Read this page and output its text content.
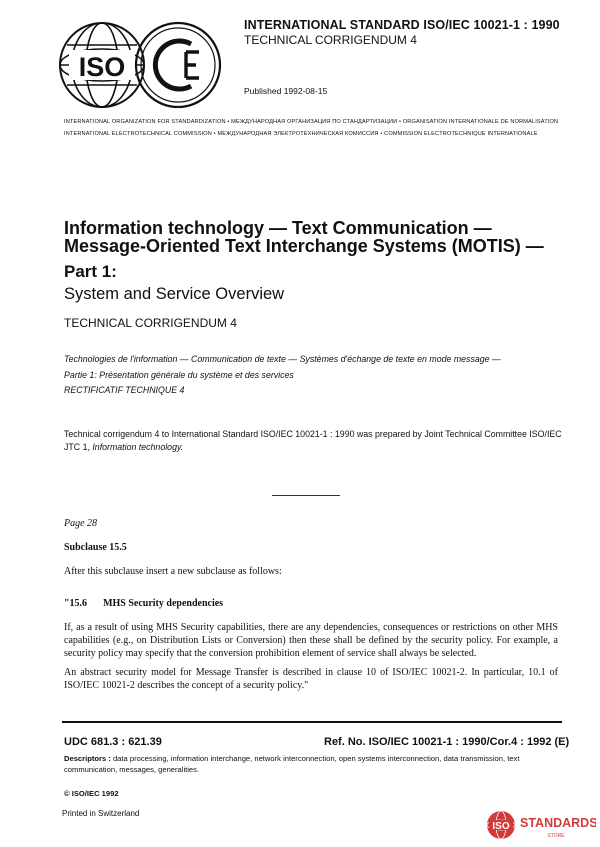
ISO
IEC
INTERNATIONAL STANDARD ISO/IEC 10021-1 : 1990
TECHNICAL CORRIGENDUM 4
Published 1992-08-15
INTERNATIONAL ORGANIZATION FOR STANDARDIZATION • МЕЖДУНАРОДНАЯ ОРГАНИЗАЦИЯ ПО СТАНДАРТИЗАЦИИ • ORGANISATION INTERNATIONALE DE NORMALISATION
INTERNATIONAL ELECTROTECHNICAL COMMISSION • МЕЖДУНАРОДНАЯ ЭЛЕКТРОТЕХНИЧЕСКАЯ КОМИССИЯ • COMMISSION ELECTROTECHNIQUE INTERNATIONALE
Information technology — Text Communication —
Message-Oriented Text Interchange Systems (MOTIS) —
Part 1:
System and Service Overview
TECHNICAL CORRIGENDUM 4
Technologies de l'information — Communication de texte — Systèmes d'échange de texte en mode message —
Partie 1: Présentation générale du système et des services
RECTIFICATIF TECHNIQUE 4
Technical corrigendum 4 to International Standard ISO/IEC 10021-1 : 1990 was prepared by Joint Technical Committee ISO/IEC JTC 1, Information technology.
Page 28
Subclause 15.5
After this subclause insert a new subclause as follows:
"15.6 MHS Security dependencies
If, as a result of using MHS Security capabilities, there are any dependencies, consequences or restrictions on other MHS capabilities (e.g., on Distribution Lists or Conversion) then these shall be defined by the security policy. For example, a security policy may specify that the conversion prohibition element of service shall always be selected.
An abstract security model for Message Transfer is described in clause 10 of ISO/IEC 10021-2. In particular, 10.1 of ISO/IEC 10021-2 describes the concept of a security policy."
UDC 681.3 : 621.39	Ref. No. ISO/IEC 10021-1 : 1990/Cor.4 : 1992 (E)
Descriptors : data processing, information interchange, network interconnection, open systems interconnection, data transmission, text communication, messages, generalities.
© ISO/IEC 1992
Printed in Switzerland
ISO STANDARDS
STORE
